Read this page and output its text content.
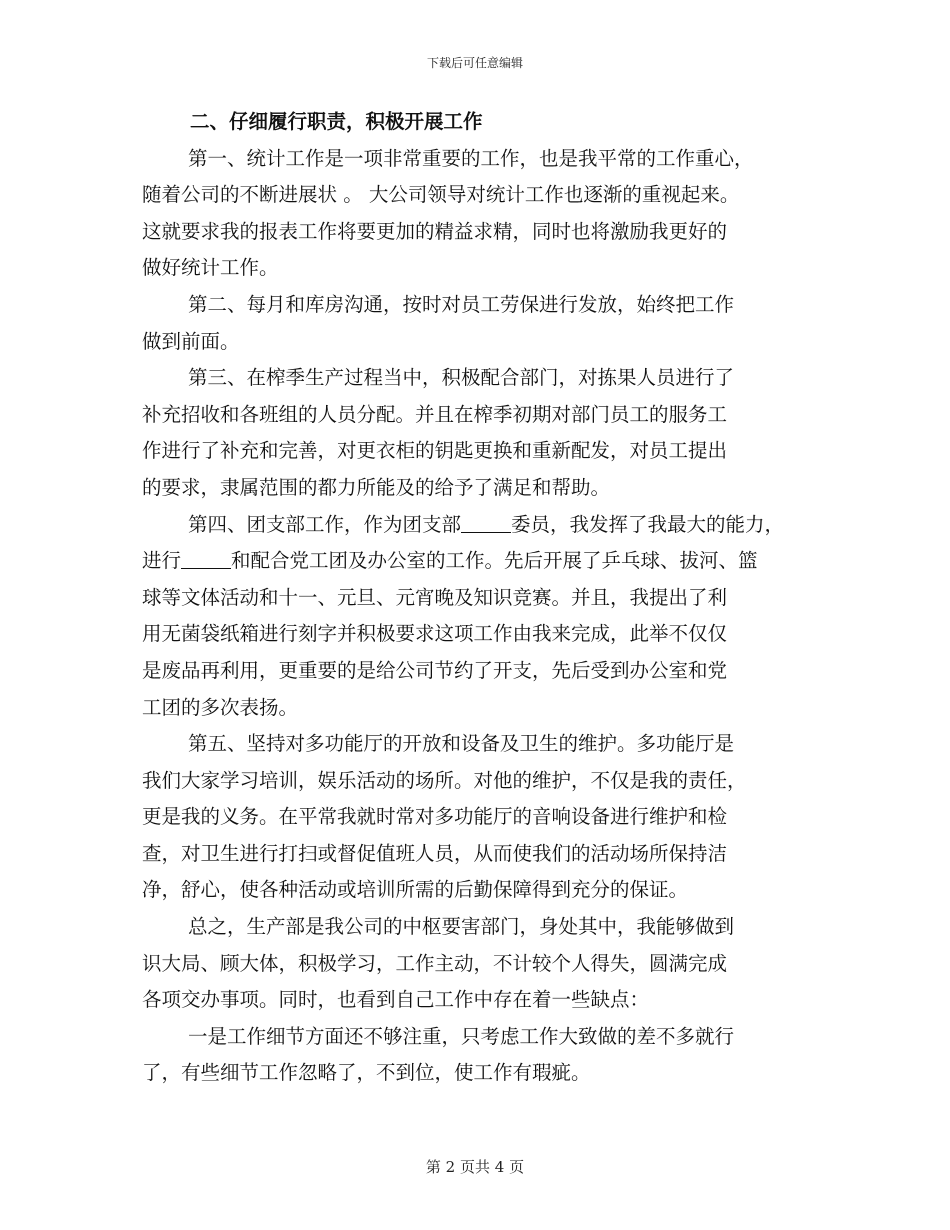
下载后可任意编辑
二、仔细履行职责，积极开展工作
第一、统计工作是一项非常重要的工作，也是我平常的工作重心，
随着公司的不断进展状 。 大公司领导对统计工作也逐渐的重视起来。
这就要求我的报表工作将要更加的精益求精，同时也将激励我更好的
做好统计工作。
第二、每月和库房沟通，按时对员工劳保进行发放，始终把工作
做到前面。
第三、在榨季生产过程当中，积极配合部门，对拣果人员进行了
补充招收和各班组的人员分配。并且在榨季初期对部门员工的服务工
作进行了补充和完善，对更衣柜的钥匙更换和重新配发，对员工提出
的要求，隶属范围的都力所能及的给予了满足和帮助。
第四、团支部工作，作为团支部	委员，我发挥了我最大的能力，
进行	和配合党工团及办公室的工作。先后开展了乒乓球、拔河、篮
球等文体活动和十一、元旦、元宵晚及知识竞赛。并且，我提出了利
用无菌袋纸箱进行刻字并积极要求这项工作由我来完成，此举不仅仅
是废品再利用，更重要的是给公司节约了开支，先后受到办公室和党
工团的多次表扬。
第五、坚持对多功能厅的开放和设备及卫生的维护。多功能厅是
我们大家学习培训，娱乐活动的场所。对他的维护，不仅是我的责任，
更是我的义务。在平常我就时常对多功能厅的音响设备进行维护和检
查，对卫生进行打扫或督促值班人员，从而使我们的活动场所保持洁
净，舒心，使各种活动或培训所需的后勤保障得到充分的保证。
总之，生产部是我公司的中枢要害部门，身处其中，我能够做到
识大局、顾大体，积极学习，工作主动，不计较个人得失，圆满完成
各项交办事项。同时，也看到自己工作中存在着一些缺点：
一是工作细节方面还不够注重，只考虑工作大致做的差不多就行
了，有些细节工作忽略了，不到位，使工作有瑕疵。
第 2 页共 4 页
